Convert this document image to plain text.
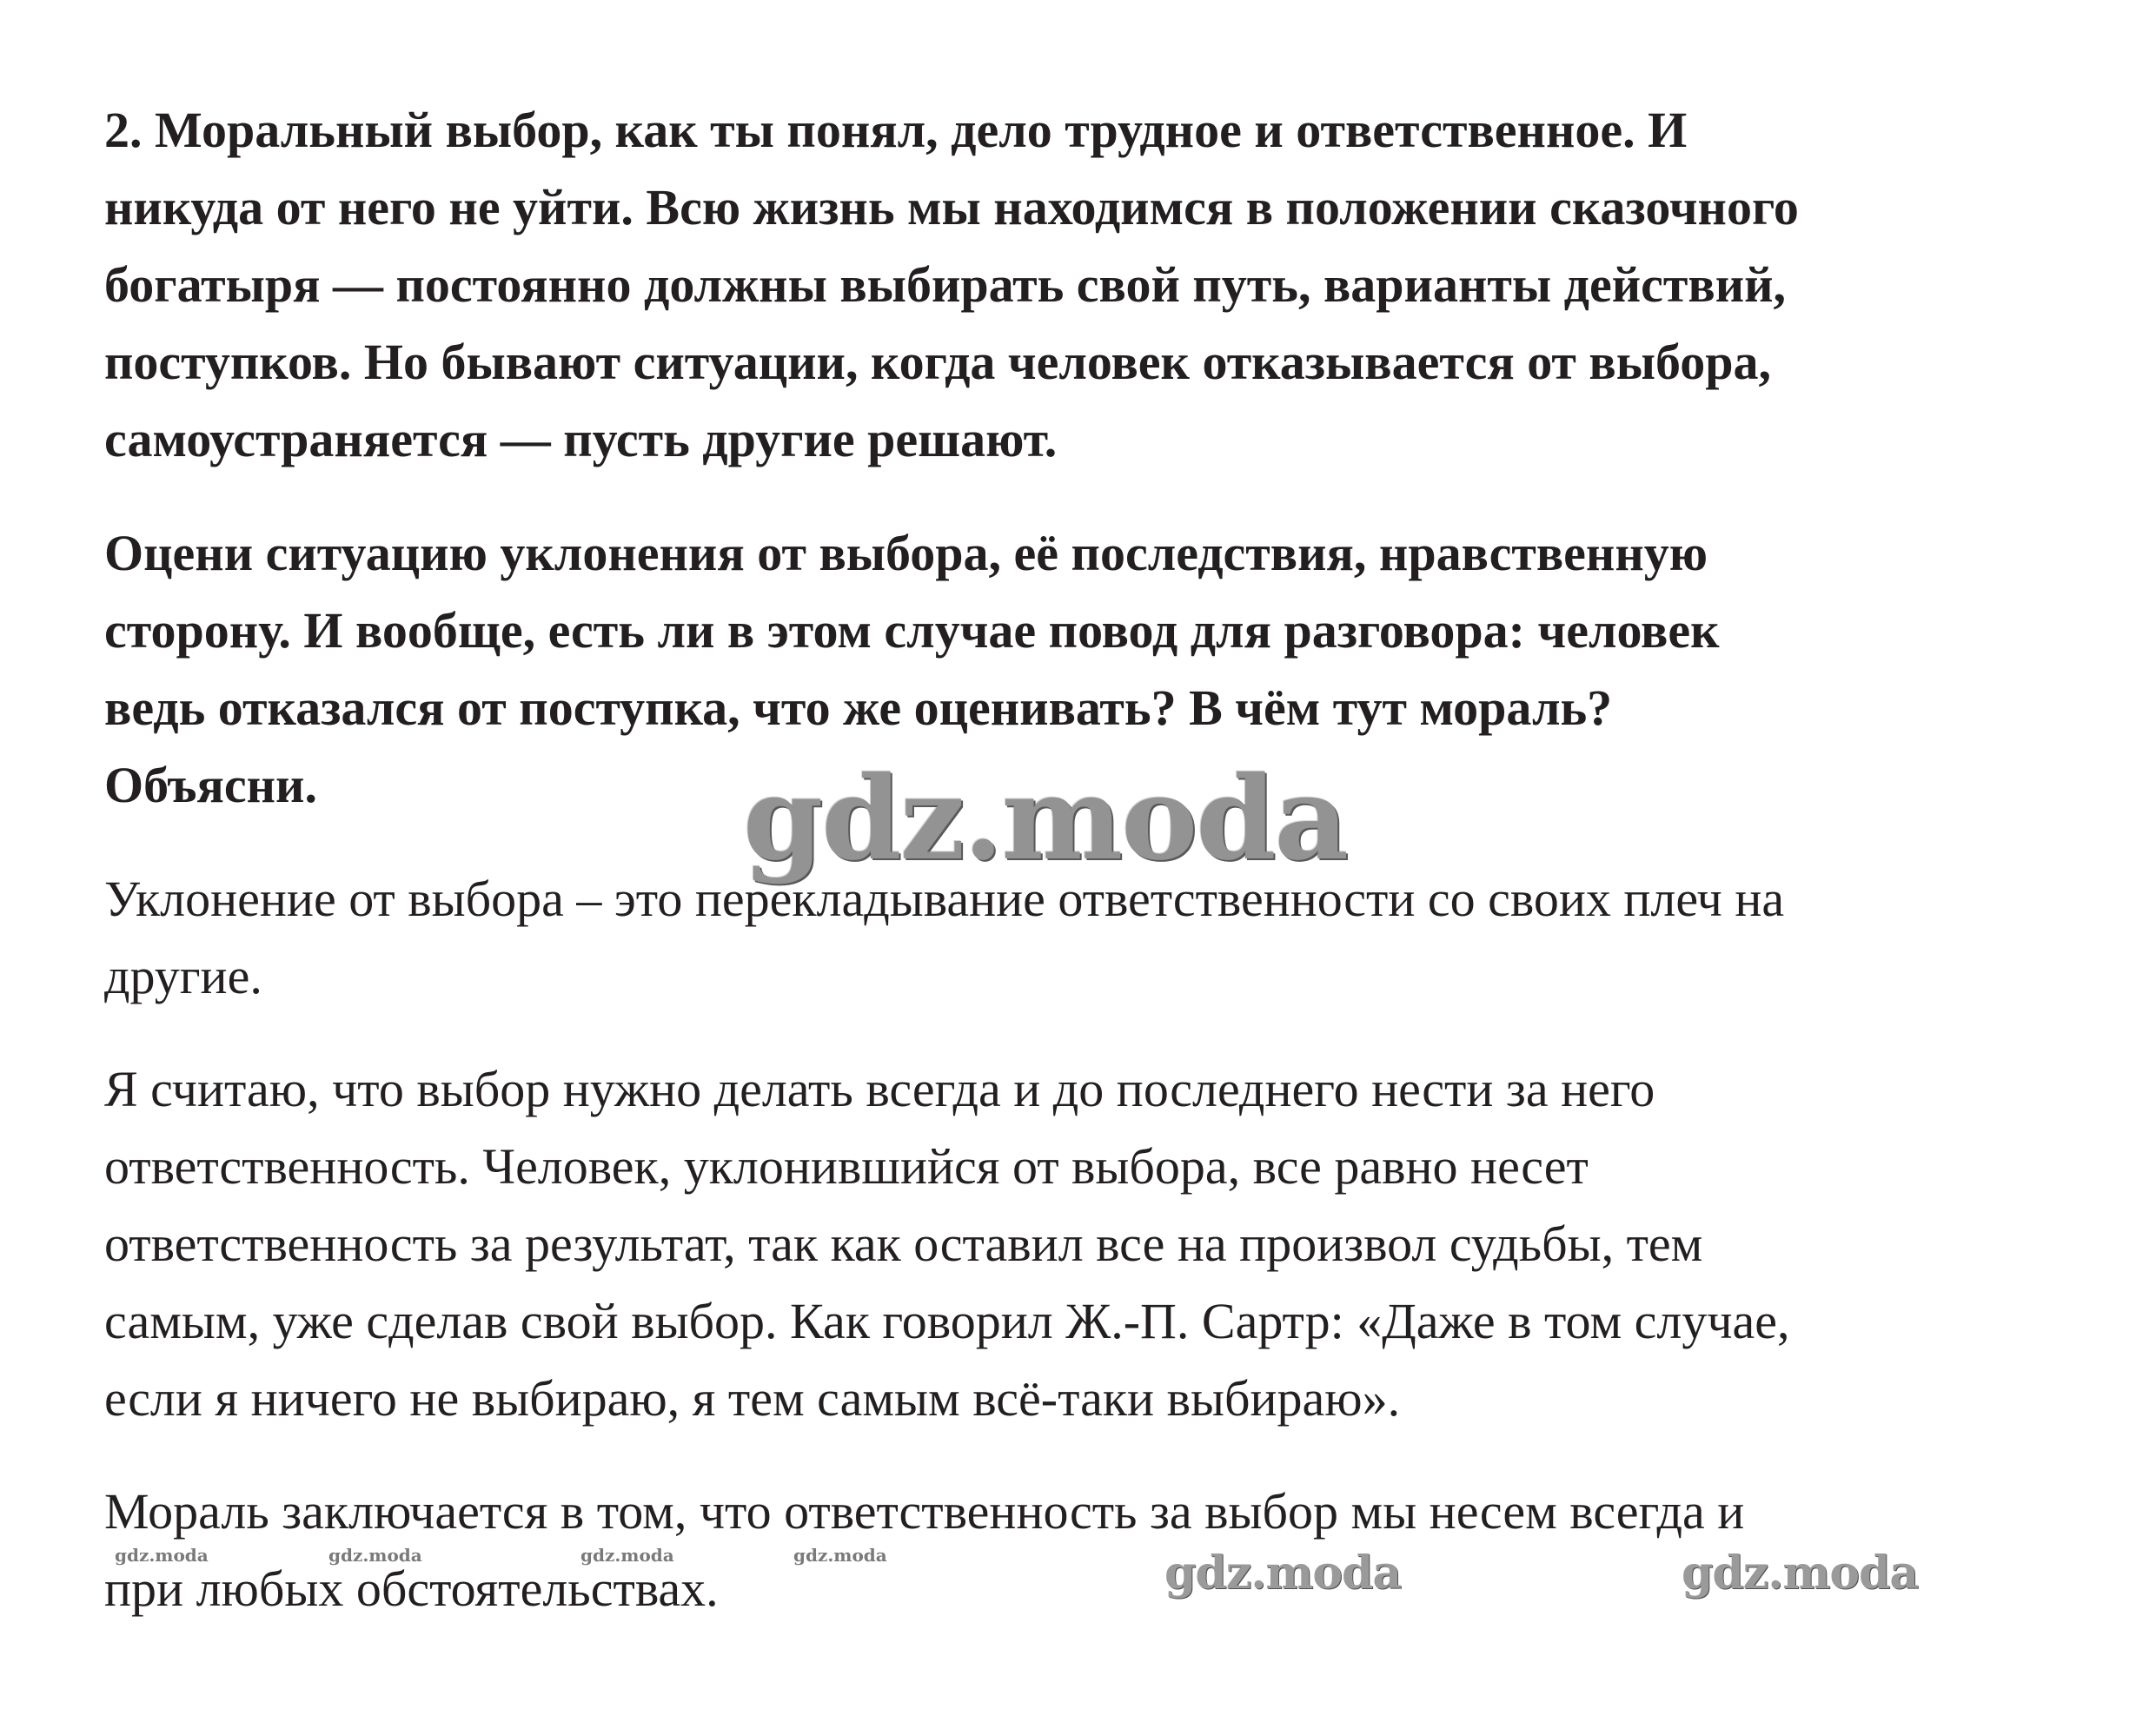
2. Моральный выбор, как ты понял, дело трудное и ответственное. И
никуда от него не уйти. Всю жизнь мы находимся в положении сказочного
богатыря — постоянно должны выбирать свой путь, варианты действий,
поступков. Но бывают ситуации, когда человек отказывается от выбора,
самоустраняется — пусть другие решают.
Оцени ситуацию уклонения от выбора, её последствия, нравственную
сторону. И вообще, есть ли в этом случае повод для разговора: человек
ведь отказался от поступка, что же оценивать? В чём тут мораль?
Объясни.
Уклонение от выбора – это перекладывание ответственности со своих плеч на
другие.
Я считаю, что выбор нужно делать всегда и до последнего нести за него
ответственность. Человек, уклонившийся от выбора, все равно несет
ответственность за результат, так как оставил все на произвол судьбы, тем
самым, уже сделав свой выбор. Как говорил Ж.-П. Сартр: «Даже в том случае,
если я ничего не выбираю, я тем самым всё-таки выбираю».
Мораль заключается в том, что ответственность за выбор мы несем всегда и
при любых обстоятельствах.
gdz.moda
gdz.moda	gdz.moda
gdz.moda	gdz.moda	gdz.moda	gdz.moda
